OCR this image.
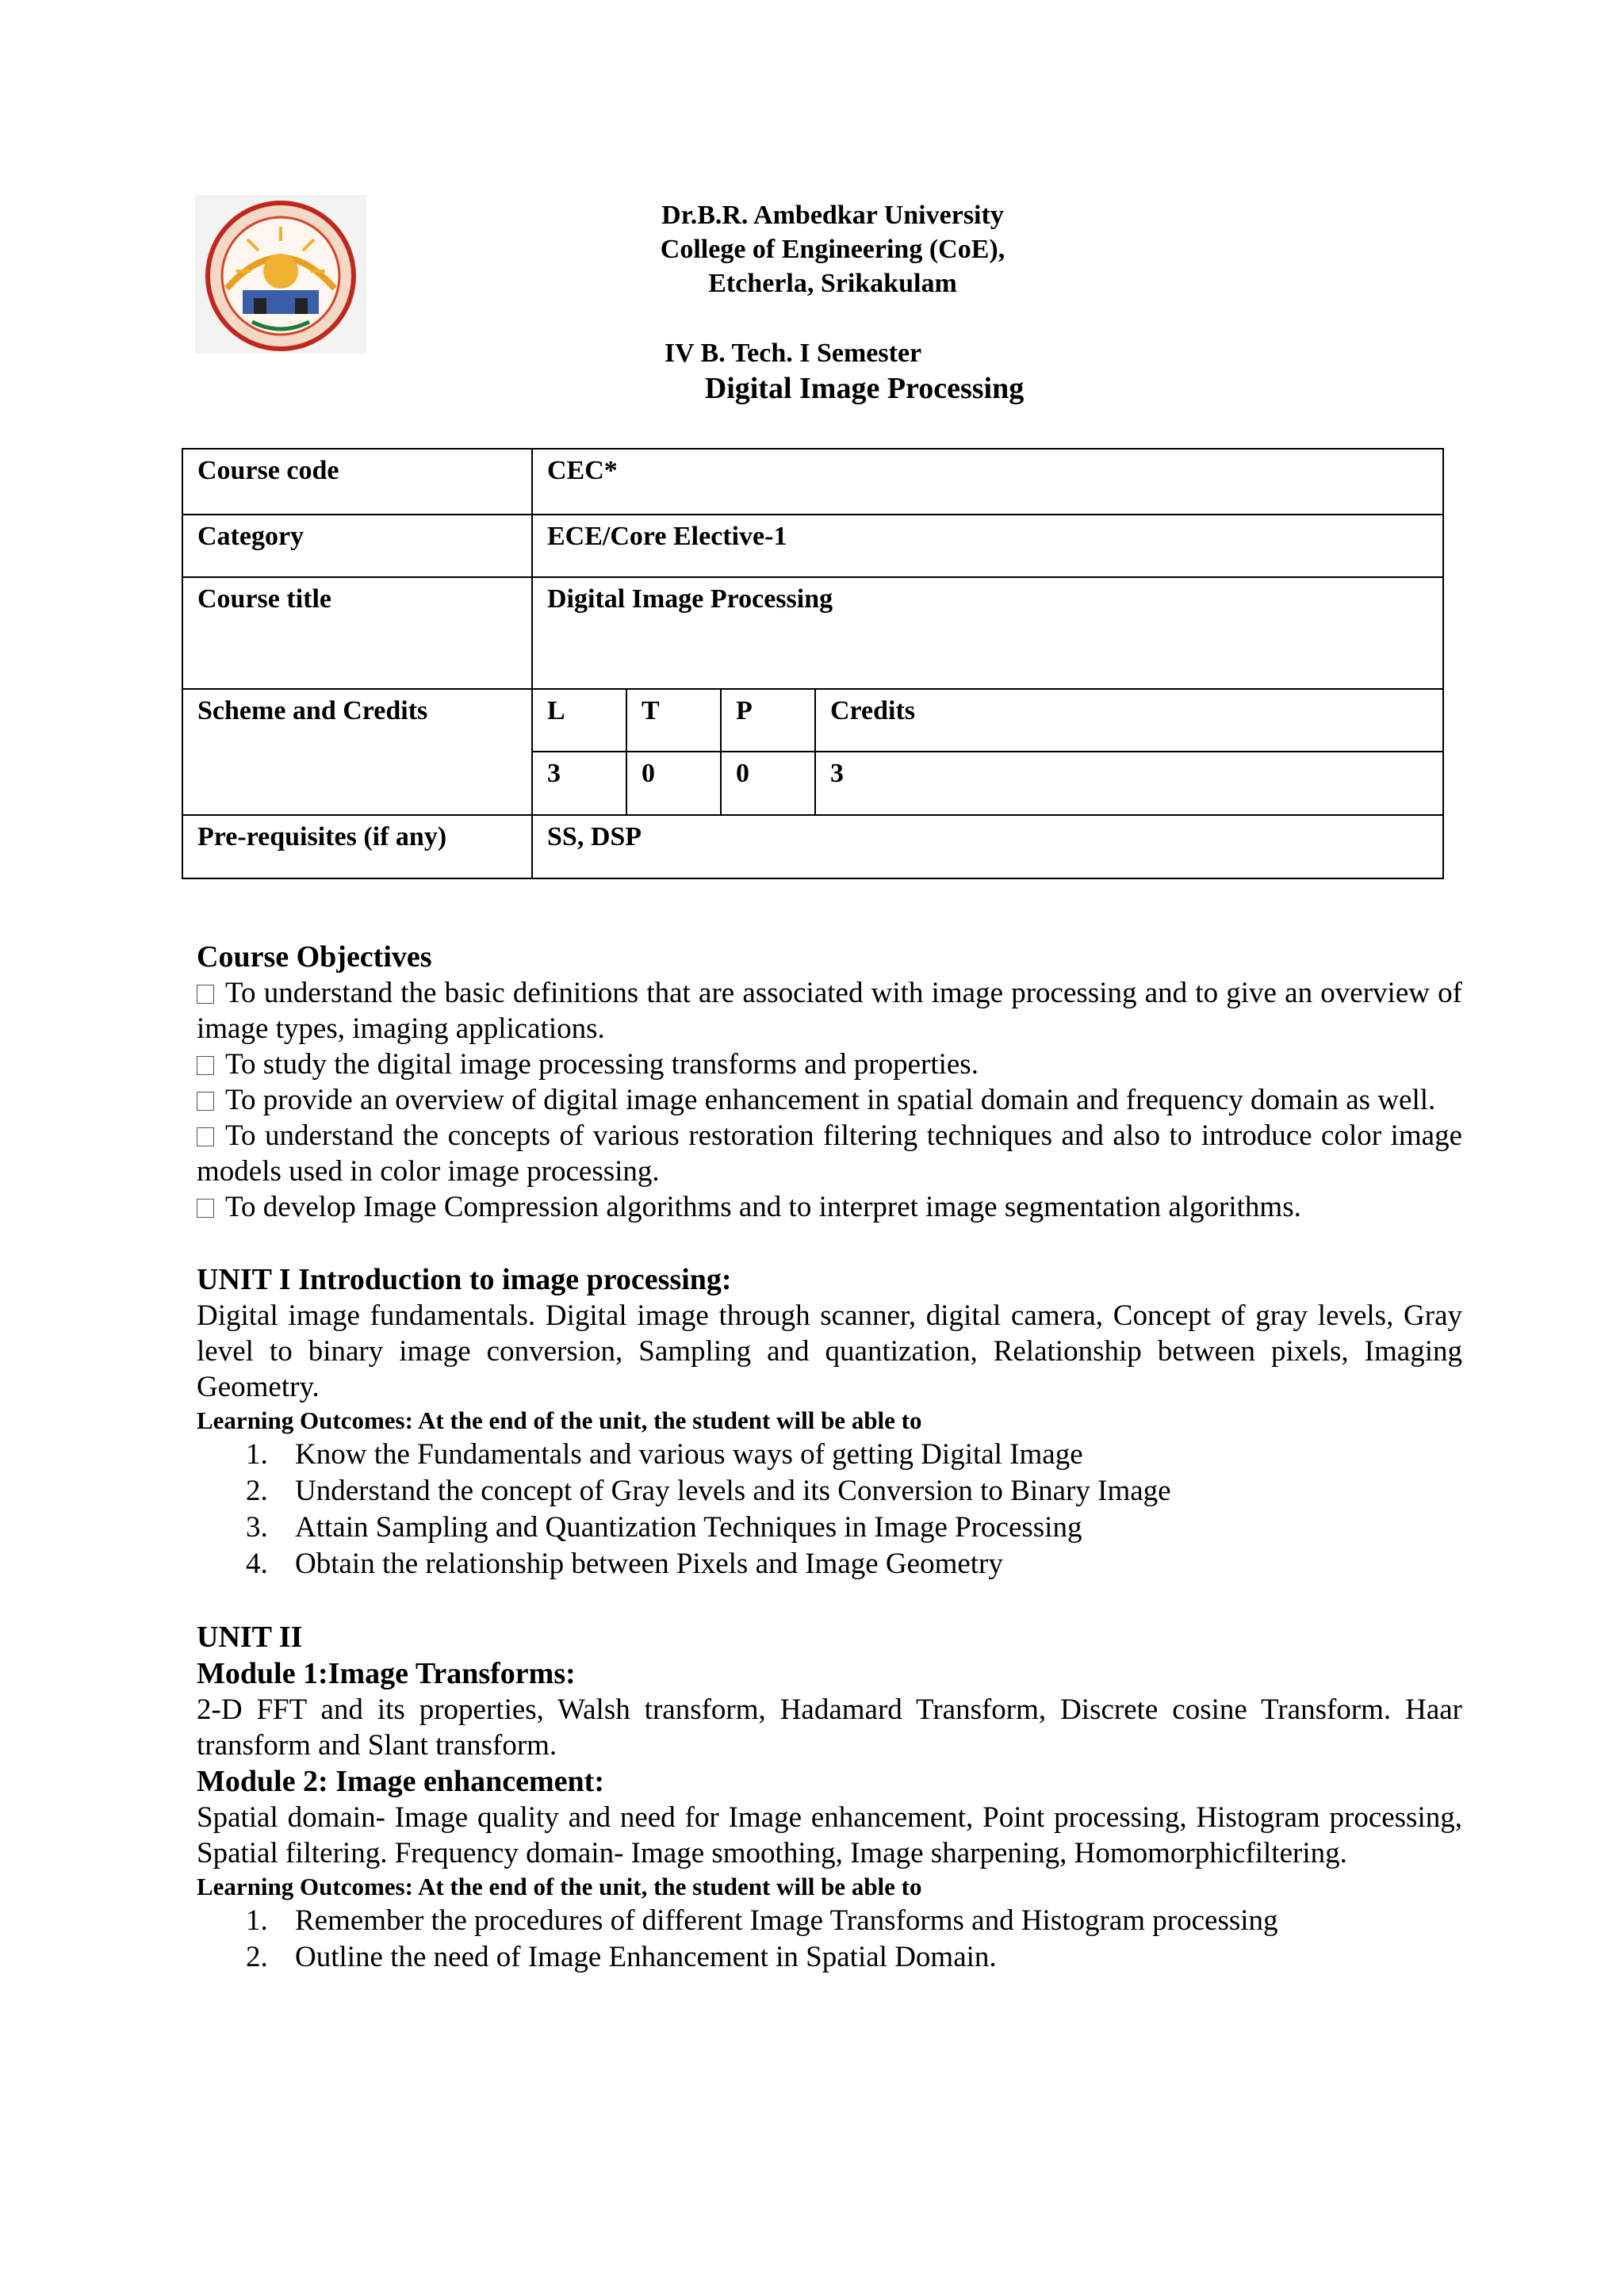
Dr.B.R. Ambedkar University
College of Engineering (CoE),
Etcherla, Srikakulam
IV B. Tech. I Semester
Digital Image Processing
Course code	CEC*			
Category	ECE/Core Elective-1			
Course title	Digital Image Processing			
Scheme and Credits	L	T	P	Credits
	3	0	0	3
Pre-requisites (if any)	SS, DSP			

Course Objectives

To understand the basic definitions that are associated with image processing and to give an overview of image types, imaging applications.

To study the digital image processing transforms and properties.

To provide an overview of digital image enhancement in spatial domain and frequency domain as well.

To understand the concepts of various restoration filtering techniques and also to introduce color image models used in color image processing.

To develop Image Compression algorithms and to interpret image segmentation algorithms.

UNIT I Introduction to image processing:

Digital image fundamentals. Digital image through scanner, digital camera, Concept of gray levels, Gray level to binary image conversion, Sampling and quantization, Relationship between pixels, Imaging Geometry.

Learning Outcomes: At the end of the unit, the student will be able to

1. Know the Fundamentals and various ways of getting Digital Image
2. Understand the concept of Gray levels and its Conversion to Binary Image
3. Attain Sampling and Quantization Techniques in Image Processing
4. Obtain the relationship between Pixels and Image Geometry

UNIT II

Module 1:Image Transforms:

2-D FFT and its properties, Walsh transform, Hadamard Transform, Discrete cosine Transform. Haar transform and Slant transform.

Module 2: Image enhancement:

Spatial domain- Image quality and need for Image enhancement, Point processing, Histogram processing, Spatial filtering. Frequency domain- Image smoothing, Image sharpening, Homomorphicfiltering.

Learning Outcomes: At the end of the unit, the student will be able to

1. Remember the procedures of different Image Transforms and Histogram processing
2. Outline the need of Image Enhancement in Spatial Domain.
